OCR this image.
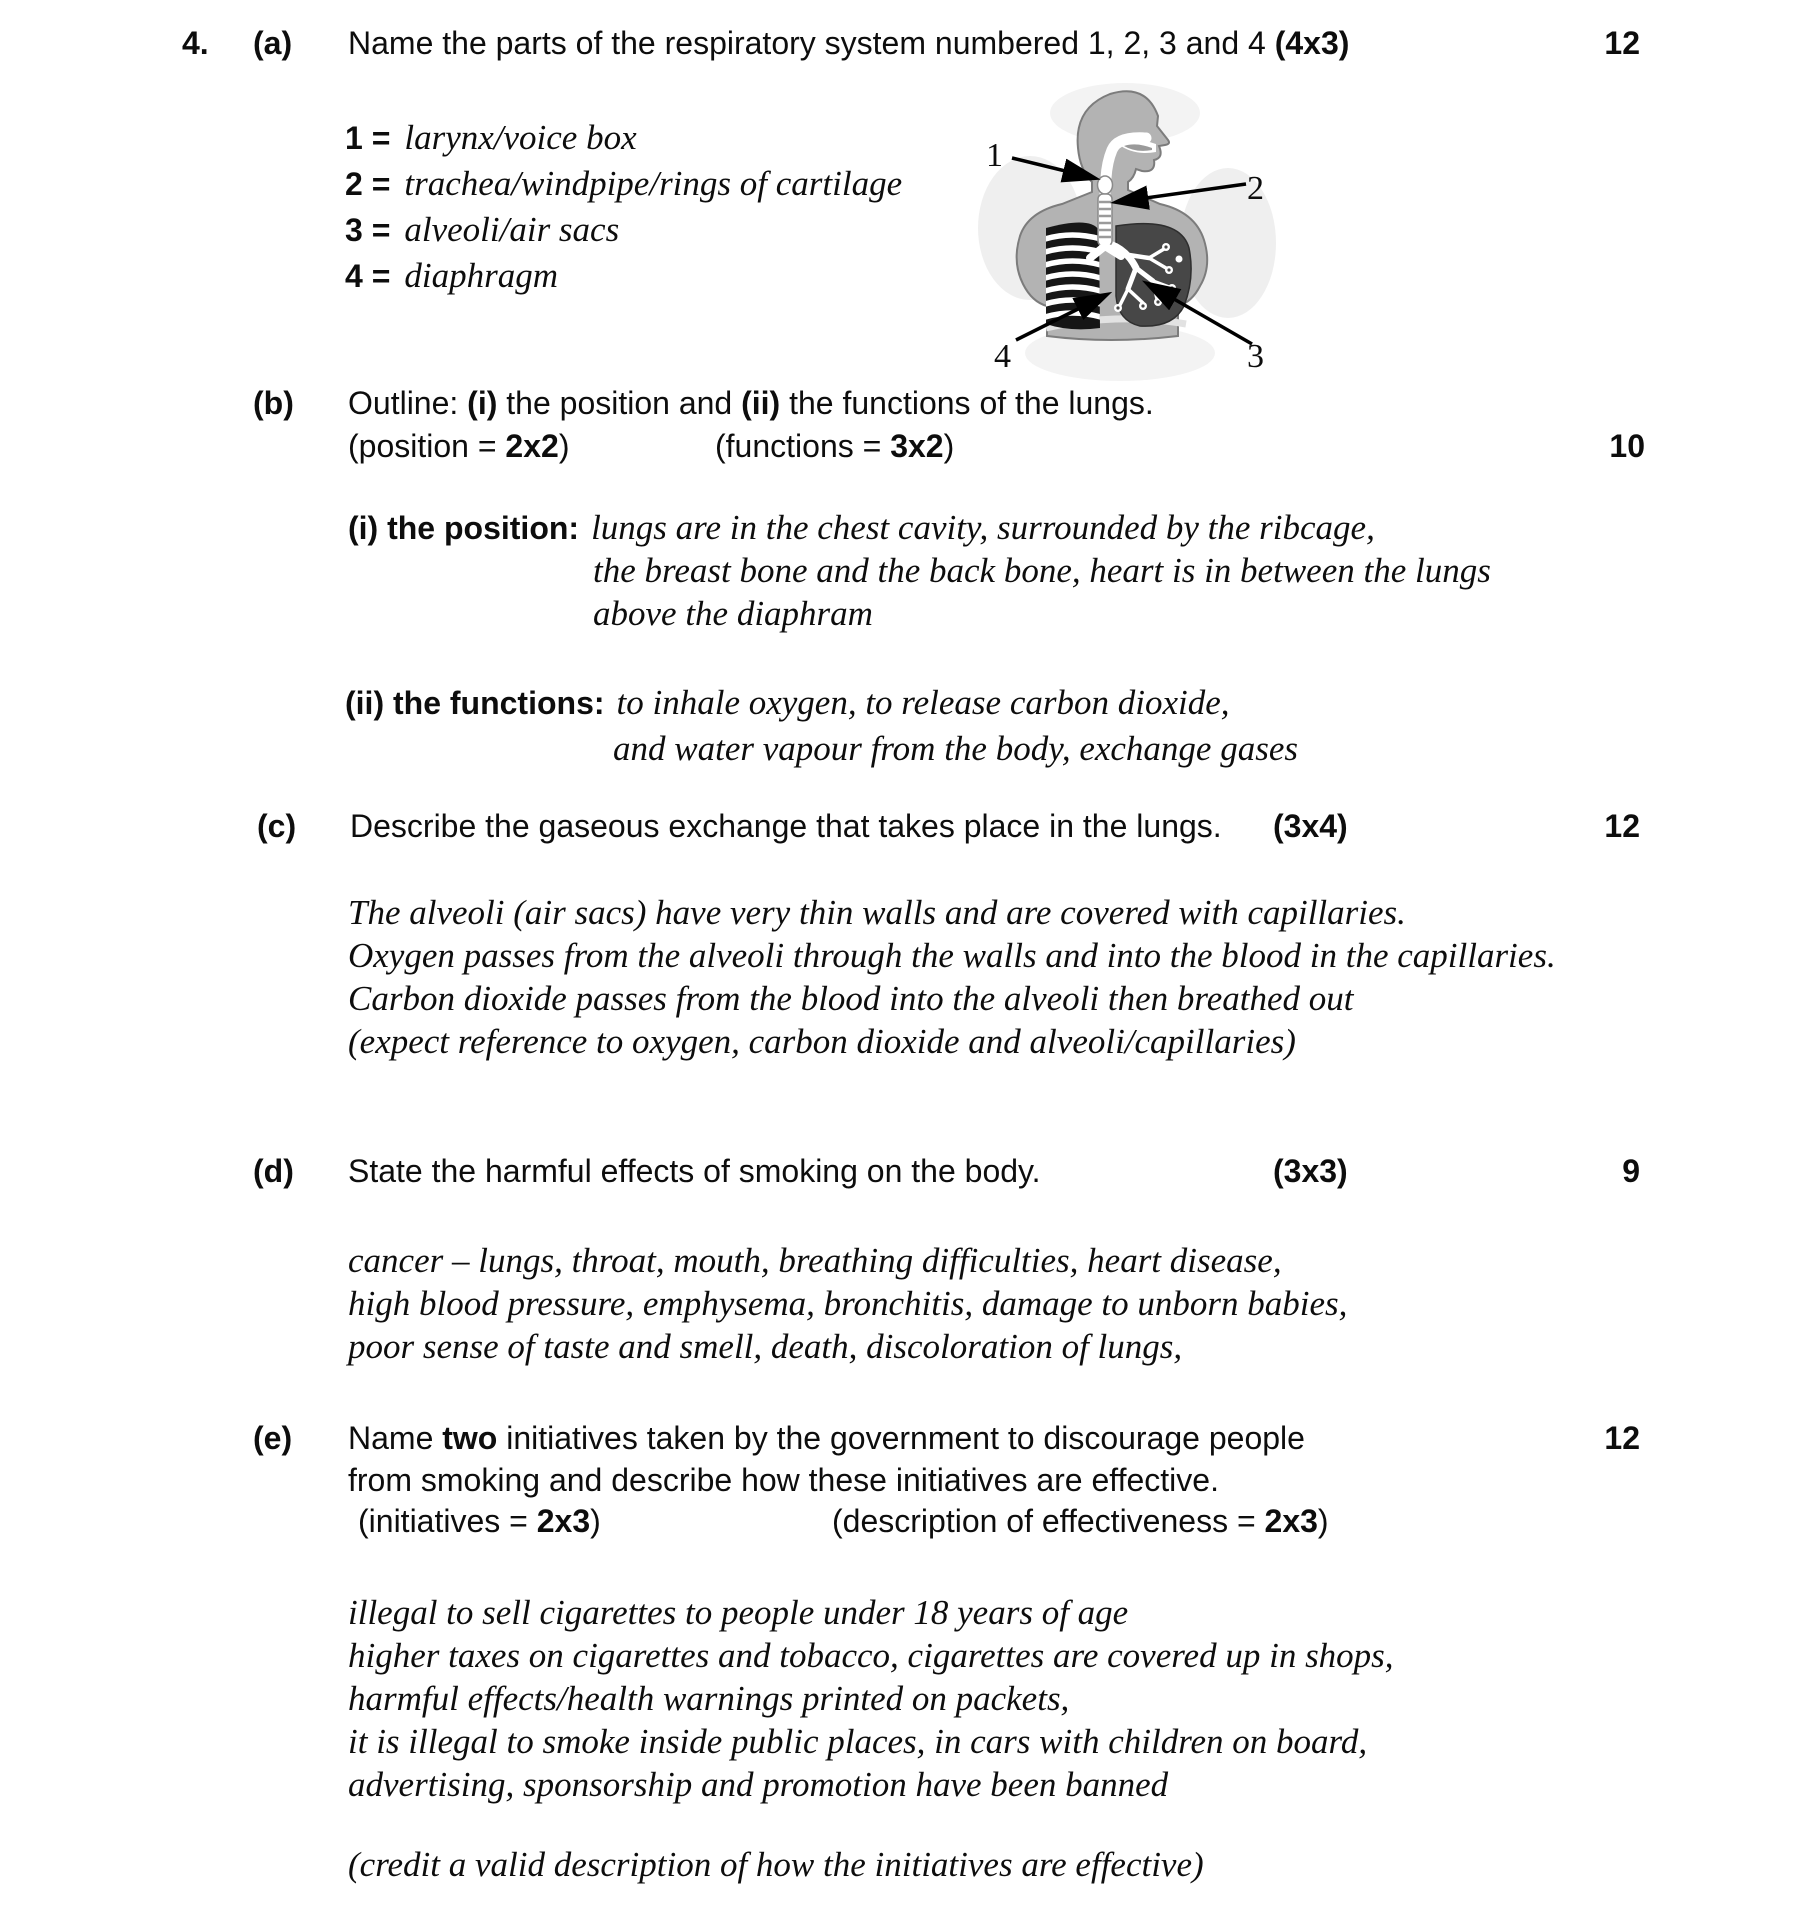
4. (a) Name the parts of the respiratory system numbered 1, 2, 3 and 4 (4x3)	12
1 = larynx/voice box
2 = trachea/windpipe/rings of cartilage
3 = alveoli/air sacs
4 = diaphragm
1
2
3
4
(b) Outline: (i) the position and (ii) the functions of the lungs.
(position = 2x2)	(functions = 3x2)	10
(i) the position: lungs are in the chest cavity, surrounded by the ribcage,
the breast bone and the back bone, heart is in between the lungs
above the diaphram
(ii) the functions: to inhale oxygen, to release carbon dioxide,
and water vapour from the body, exchange gases
(c) Describe the gaseous exchange that takes place in the lungs. (3x4)	12
The alveoli (air sacs) have very thin walls and are covered with capillaries.
Oxygen passes from the alveoli through the walls and into the blood in the capillaries.
Carbon dioxide passes from the blood into the alveoli then breathed out
(expect reference to oxygen, carbon dioxide and alveoli/capillaries)
(d) State the harmful effects of smoking on the body.	(3x3)	9
cancer – lungs, throat, mouth, breathing difficulties, heart disease,
high blood pressure, emphysema, bronchitis, damage to unborn babies,
poor sense of taste and smell, death, discoloration of lungs,
(e) Name two initiatives taken by the government to discourage people	12
from smoking and describe how these initiatives are effective.
(initiatives = 2x3)	(description of effectiveness = 2x3)
illegal to sell cigarettes to people under 18 years of age
higher taxes on cigarettes and tobacco, cigarettes are covered up in shops,
harmful effects/health warnings printed on packets,
it is illegal to smoke inside public places, in cars with children on board,
advertising, sponsorship and promotion have been banned
(credit a valid description of how the initiatives are effective)
